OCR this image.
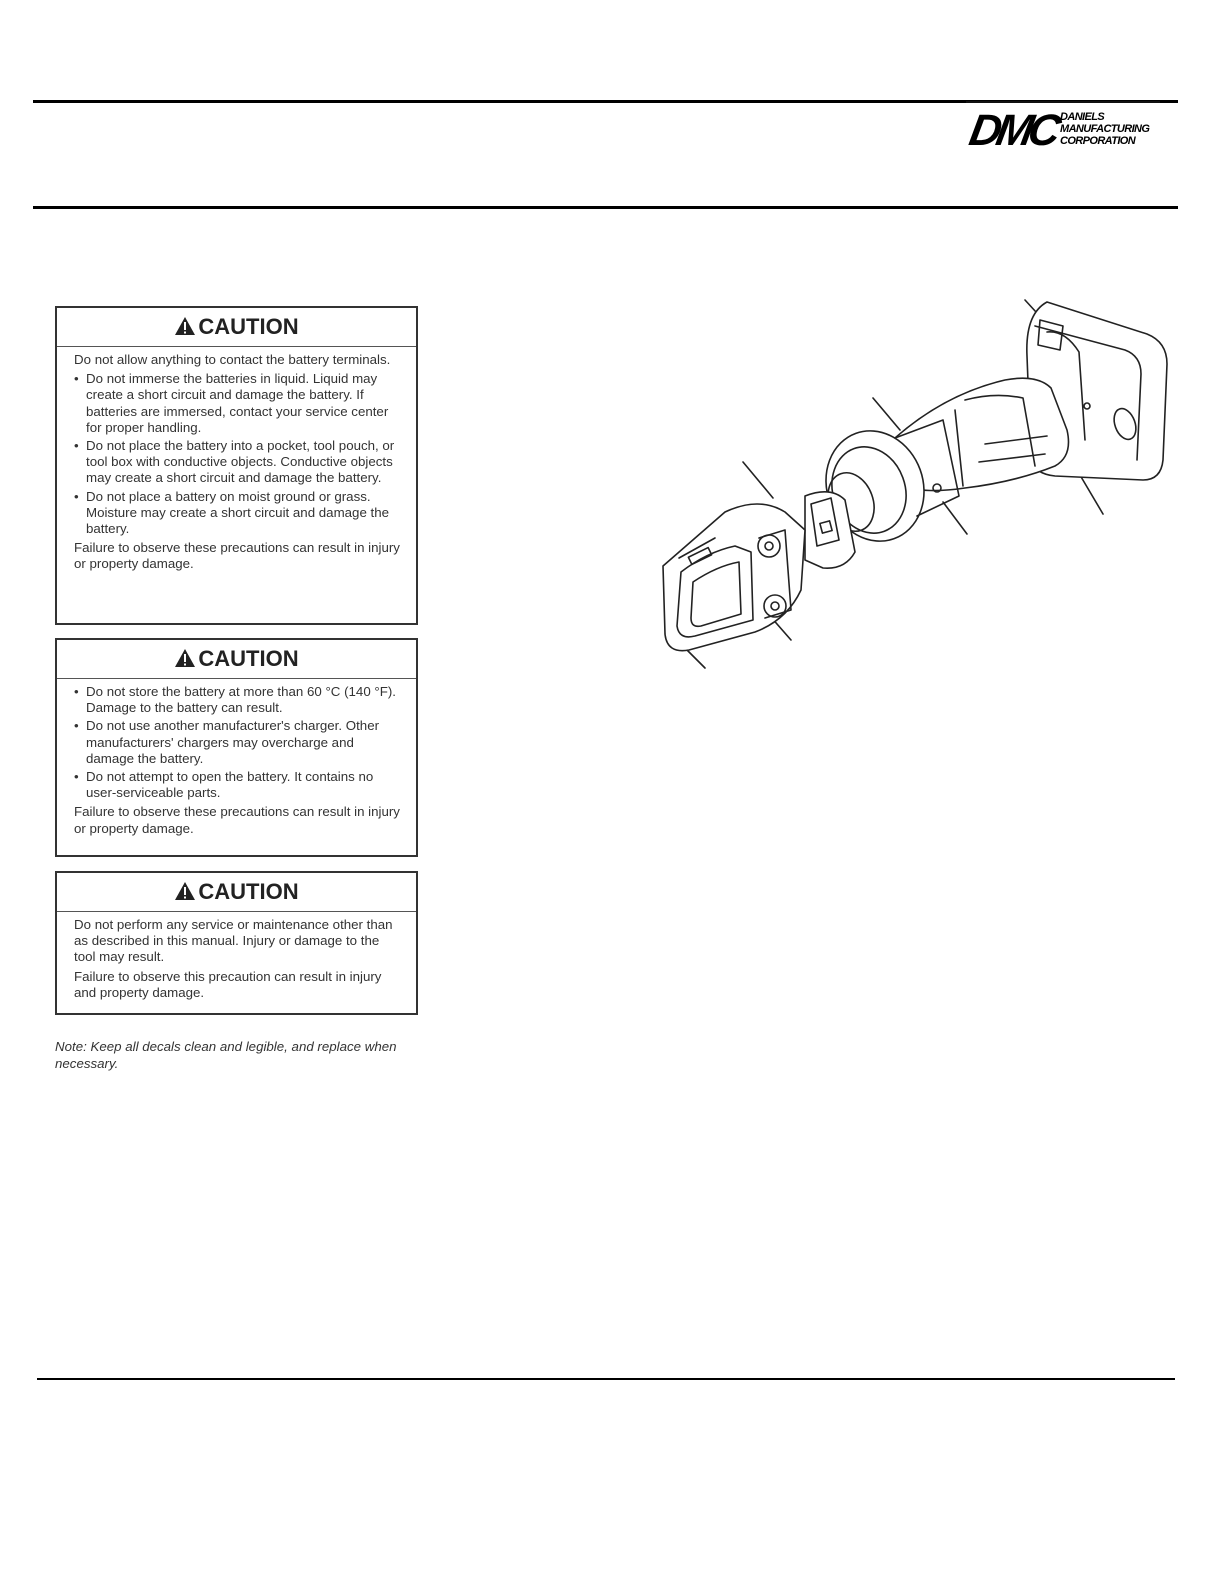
DMC DANIELS
MANUFACTURING
CORPORATION
CAUTION

Do not allow anything to contact the battery terminals.

• Do not immerse the batteries in liquid. Liquid may create a short circuit and damage the battery. If batteries are immersed, contact your service center for proper handling.
• Do not place the battery into a pocket, tool pouch, or tool box with conductive objects. Conductive objects may create a short circuit and damage the battery.
• Do not place a battery on moist ground or grass. Moisture may create a short circuit and damage the battery.

Failure to observe these precautions can result in injury or property damage.

CAUTION
• Do not store the battery at more than 60 °C (140 °F). Damage to the battery can result.
• Do not use another manufacturer's charger. Other manufacturers' chargers may overcharge and damage the battery.
• Do not attempt to open the battery. It contains no user-serviceable parts.

Failure to observe these precautions can result in injury or property damage.

CAUTION

Do not perform any service or maintenance other than as described in this manual. Injury or damage to the tool may result.

Failure to observe this precaution can result in injury and property damage.

Note: Keep all decals clean and legible, and replace when necessary.
